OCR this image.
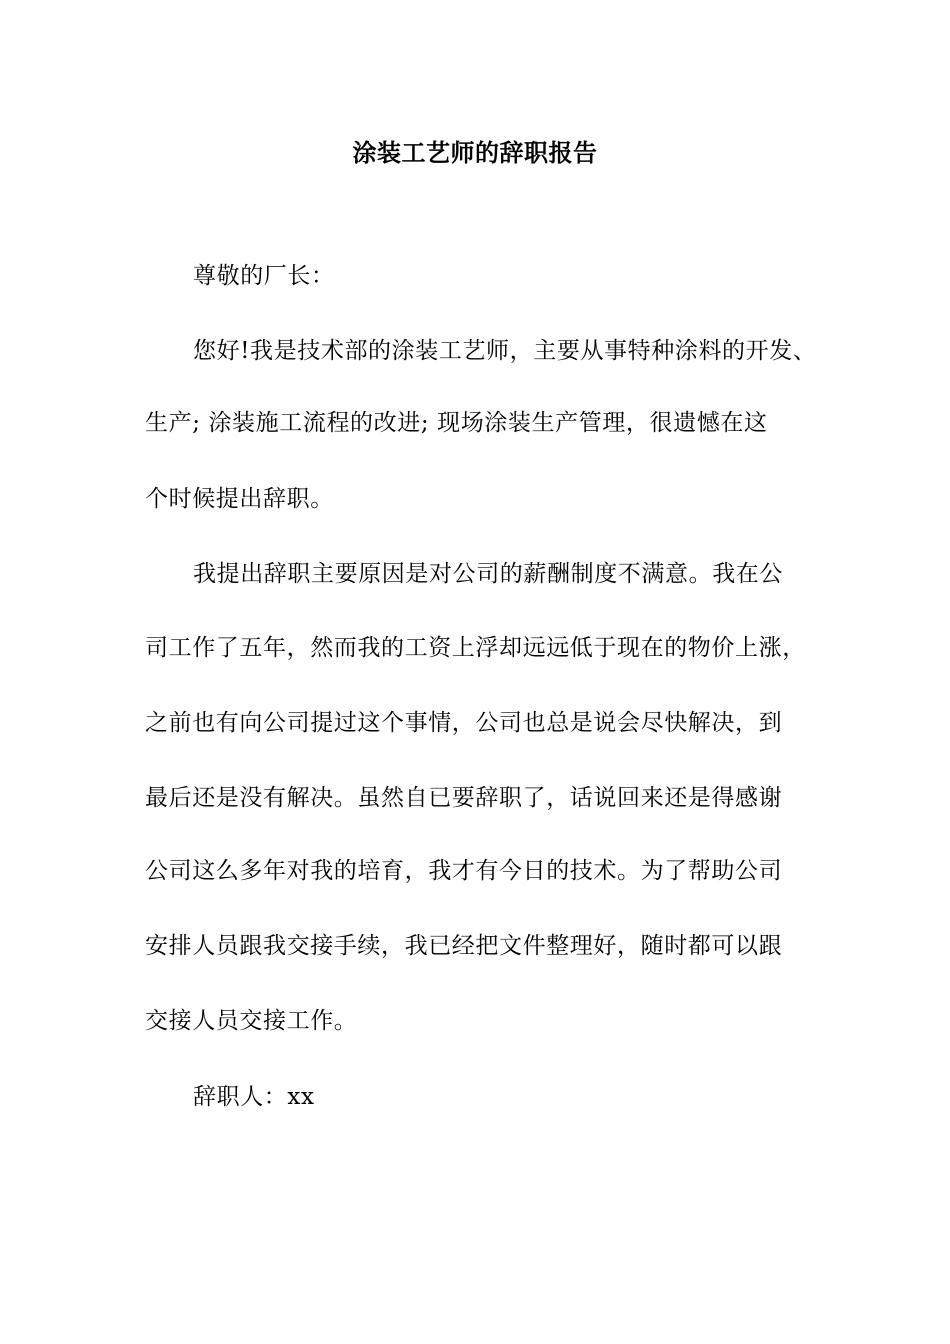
涂装工艺师的辞职报告
尊敬的厂长：
您好!我是技术部的涂装工艺师，主要从事特种涂料的开发、
生产; 涂装施工流程的改进; 现场涂装生产管理，很遗憾在这
个时候提出辞职。
我提出辞职主要原因是对公司的薪酬制度不满意。我在公
司工作了五年，然而我的工资上浮却远远低于现在的物价上涨，
之前也有向公司提过这个事情，公司也总是说会尽快解决，到
最后还是没有解决。虽然自已要辞职了，话说回来还是得感谢
公司这么多年对我的培育，我才有今日的技术。为了帮助公司
安排人员跟我交接手续，我已经把文件整理好，随时都可以跟
交接人员交接工作。
辞职人：xx
